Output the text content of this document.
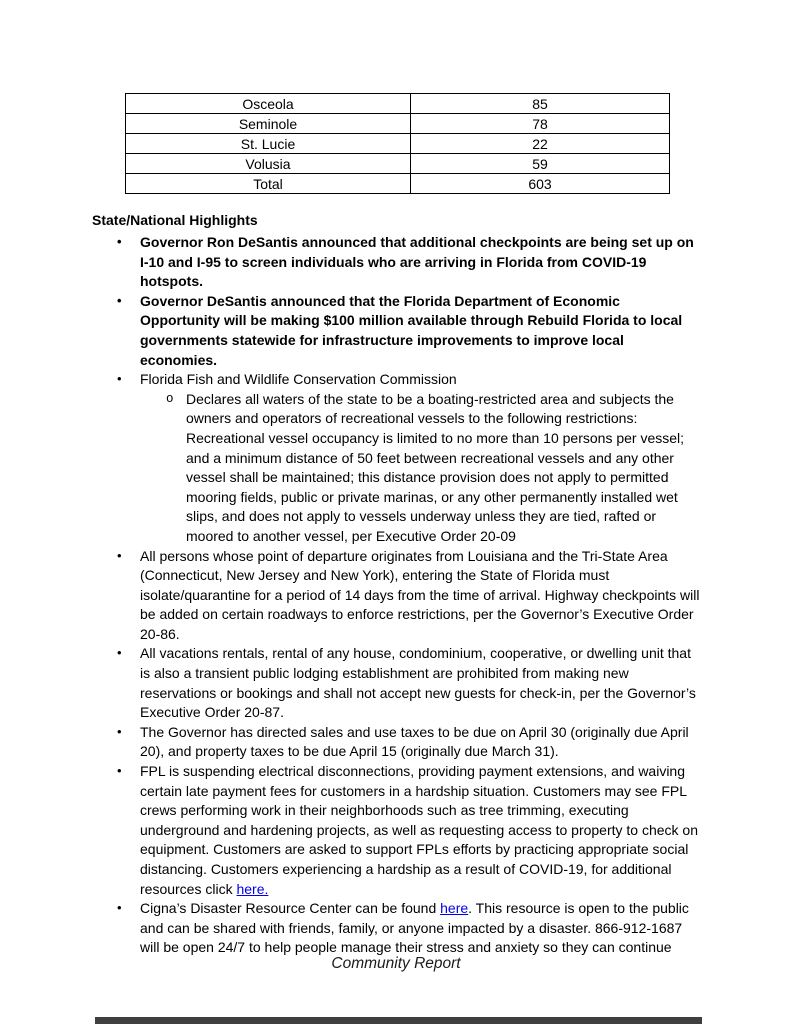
Osceola	85
Seminole	78
St. Lucie	22
Volusia	59
Total	603
State/National Highlights
• Governor Ron DeSantis announced that additional checkpoints are being set up on I-10 and I-95 to screen individuals who are arriving in Florida from COVID-19 hotspots.
• Governor DeSantis announced that the Florida Department of Economic Opportunity will be making $100 million available through Rebuild Florida to local governments statewide for infrastructure improvements to improve local economies.
• Florida Fish and Wildlife Conservation Commission
o Declares all waters of the state to be a boating-restricted area and subjects the owners and operators of recreational vessels to the following restrictions: Recreational vessel occupancy is limited to no more than 10 persons per vessel; and a minimum distance of 50 feet between recreational vessels and any other vessel shall be maintained; this distance provision does not apply to permitted mooring fields, public or private marinas, or any other permanently installed wet slips, and does not apply to vessels underway unless they are tied, rafted or moored to another vessel, per Executive Order 20-09
• All persons whose point of departure originates from Louisiana and the Tri-State Area (Connecticut, New Jersey and New York), entering the State of Florida must isolate/quarantine for a period of 14 days from the time of arrival. Highway checkpoints will be added on certain roadways to enforce restrictions, per the Governor’s Executive Order 20-86.
• All vacations rentals, rental of any house, condominium, cooperative, or dwelling unit that is also a transient public lodging establishment are prohibited from making new reservations or bookings and shall not accept new guests for check-in, per the Governor’s Executive Order 20-87.
• The Governor has directed sales and use taxes to be due on April 30 (originally due April 20), and property taxes to be due April 15 (originally due March 31).
• FPL is suspending electrical disconnections, providing payment extensions, and waiving certain late payment fees for customers in a hardship situation. Customers may see FPL crews performing work in their neighborhoods such as tree trimming, executing underground and hardening projects, as well as requesting access to property to check on equipment. Customers are asked to support FPLs efforts by practicing appropriate social distancing. Customers experiencing a hardship as a result of COVID-19, for additional resources click here.
• Cigna’s Disaster Resource Center can be found here. This resource is open to the public and can be shared with friends, family, or anyone impacted by a disaster. 866-912-1687 will be open 24/7 to help people manage their stress and anxiety so they can continue
Community Report
